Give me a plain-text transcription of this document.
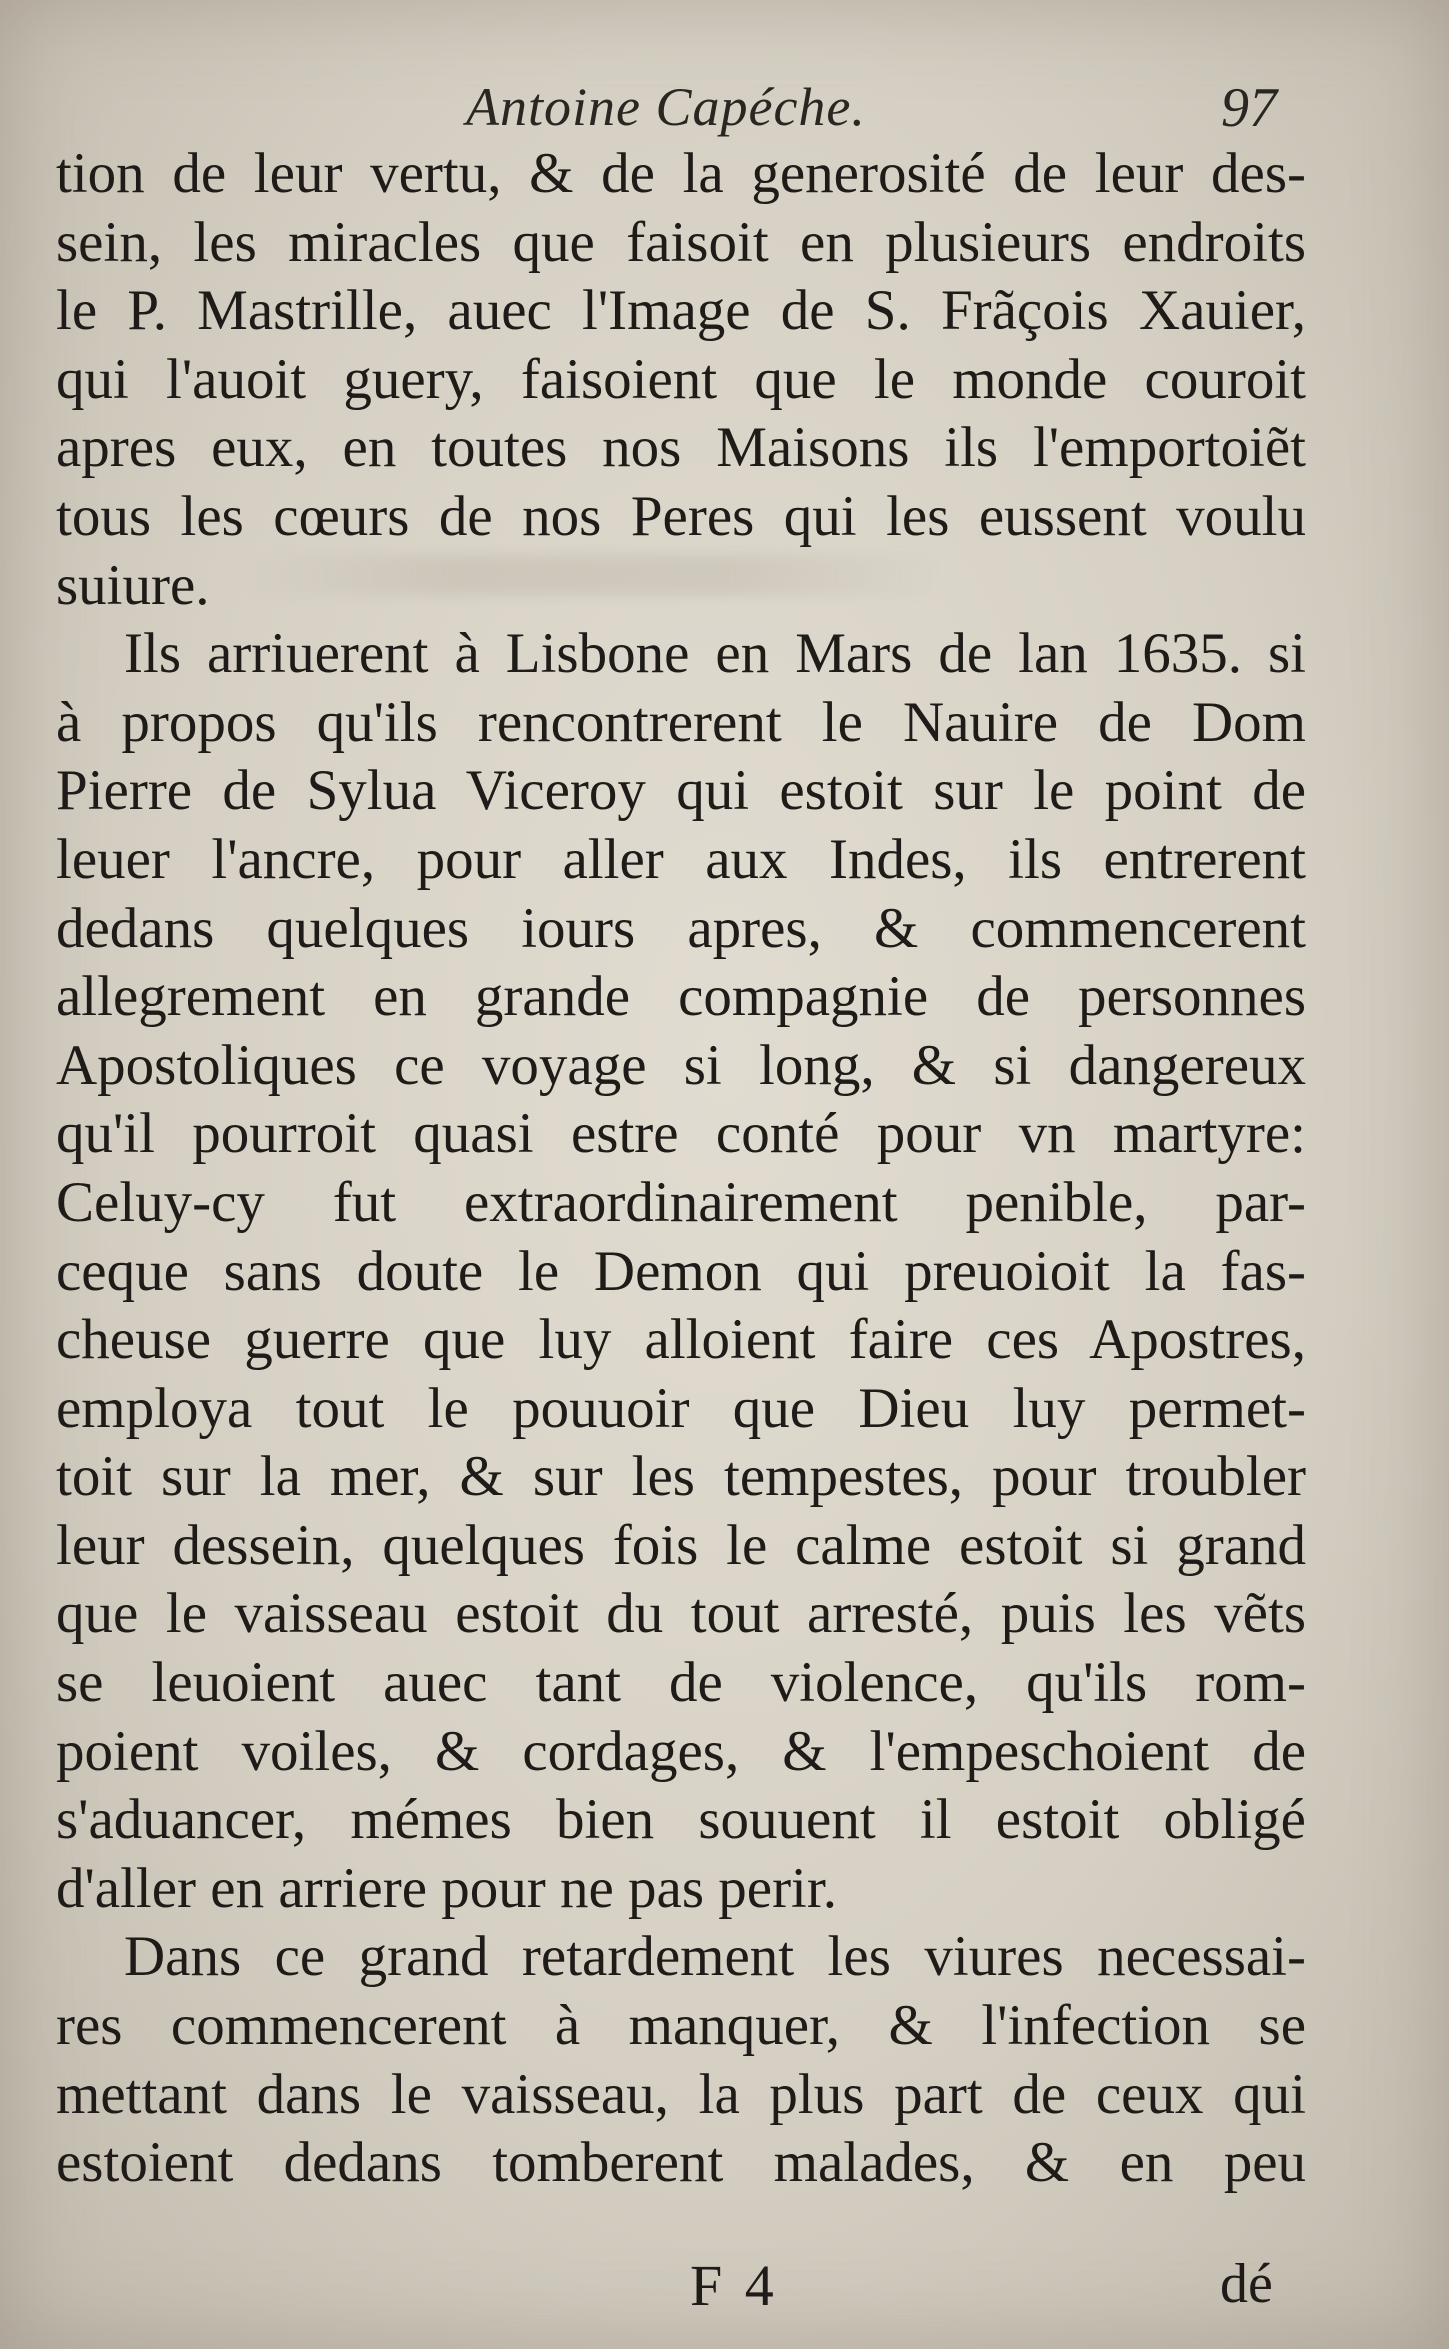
Antoine Capéche.	97
tion de leur vertu, & de la generosité de leur des-
sein, les miracles que faisoit en plusieurs endroits
le P. Mastrille, auec l'Image de S. Frãçois Xauier,
qui l'auoit guery, faisoient que le monde couroit
apres eux, en toutes nos Maisons ils l'emportoiẽt
tous les cœurs de nos Peres qui les eussent voulu
suiure.
Ils arriuerent à Lisbone en Mars de lan 1635. si
à propos qu'ils rencontrerent le Nauire de Dom
Pierre de Sylua Viceroy qui estoit sur le point de
leuer l'ancre, pour aller aux Indes, ils entrerent
dedans quelques iours apres, & commencerent
allegrement en grande compagnie de personnes
Apostoliques ce voyage si long, & si dangereux
qu'il pourroit quasi estre conté pour vn martyre:
Celuy-cy fut extraordinairement penible, par-
ceque sans doute le Demon qui preuoioit la fas-
cheuse guerre que luy alloient faire ces Apostres,
employa tout le pouuoir que Dieu luy permet-
toit sur la mer, & sur les tempestes, pour troubler
leur dessein, quelques fois le calme estoit si grand
que le vaisseau estoit du tout arresté, puis les vẽts
se leuoient auec tant de violence, qu'ils rom-
poient voiles, & cordages, & l'empeschoient de
s'aduancer, mémes bien souuent il estoit obligé
d'aller en arriere pour ne pas perir.
Dans ce grand retardement les viures necessai-
res commencerent à manquer, & l'infection se
mettant dans le vaisseau, la plus part de ceux qui
estoient dedans tomberent malades, & en peu
F 4	dé
